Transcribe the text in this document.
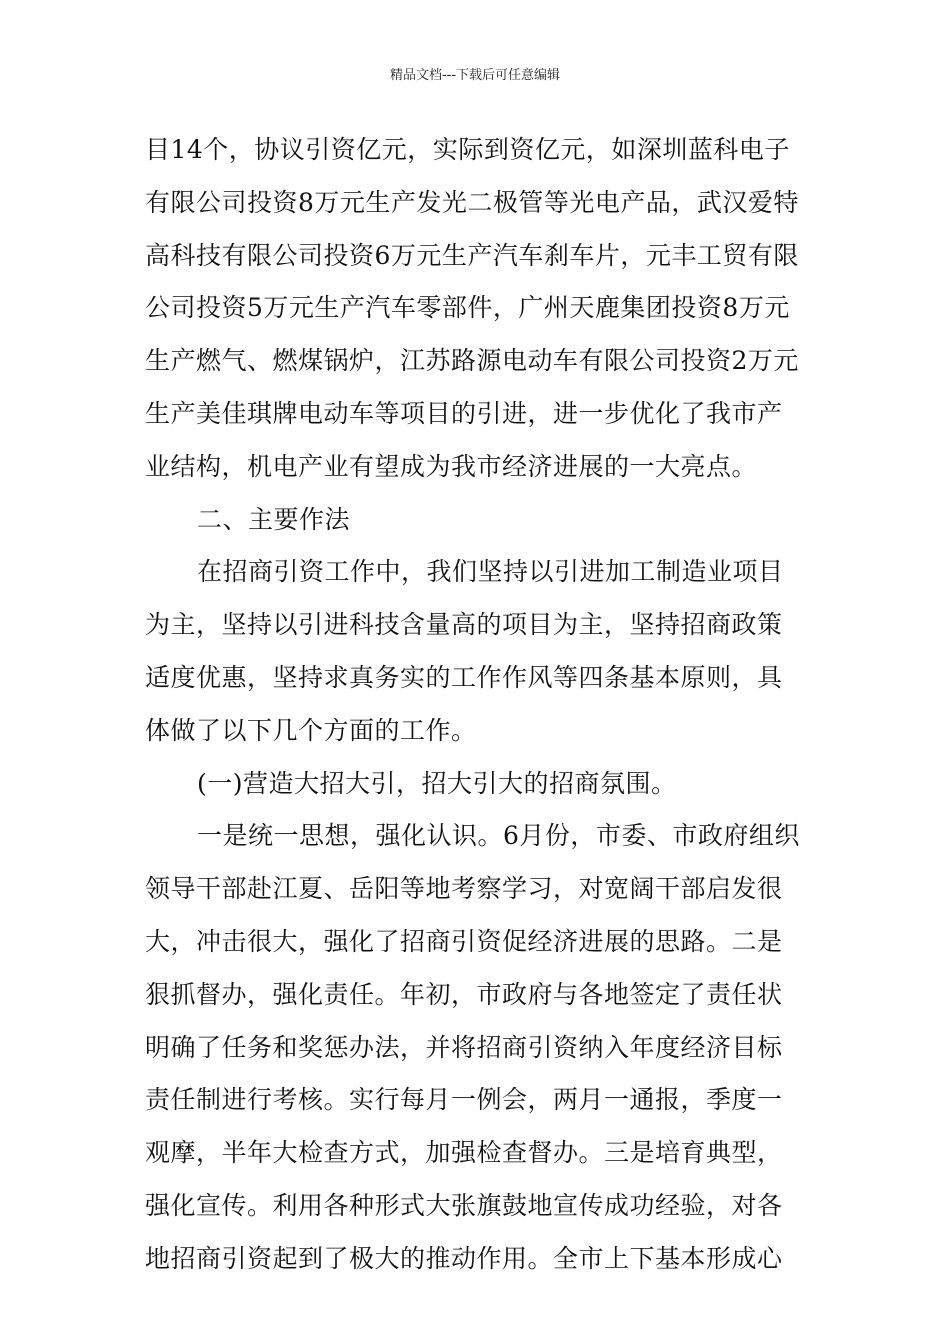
精品文档---下载后可任意编辑
目14个，协议引资亿元，实际到资亿元，如深圳蓝科电子
有限公司投资8万元生产发光二极管等光电产品，武汉爱特
高科技有限公司投资6万元生产汽车刹车片，元丰工贸有限
公司投资5万元生产汽车零部件，广州天鹿集团投资8万元
生产燃气、燃煤锅炉，江苏路源电动车有限公司投资2万元
生产美佳琪牌电动车等项目的引进，进一步优化了我市产
业结构，机电产业有望成为我市经济进展的一大亮点。
二、主要作法
在招商引资工作中，我们坚持以引进加工制造业项目
为主，坚持以引进科技含量高的项目为主，坚持招商政策
适度优惠，坚持求真务实的工作作风等四条基本原则，具
体做了以下几个方面的工作。
(一)营造大招大引，招大引大的招商氛围。
一是统一思想，强化认识。6月份，市委、市政府组织
领导干部赴江夏、岳阳等地考察学习，对宽阔干部启发很
大，冲击很大，强化了招商引资促经济进展的思路。二是
狠抓督办，强化责任。年初，市政府与各地签定了责任状
明确了任务和奖惩办法，并将招商引资纳入年度经济目标
责任制进行考核。实行每月一例会，两月一通报，季度一
观摩，半年大检查方式，加强检查督办。三是培育典型，
强化宣传。利用各种形式大张旗鼓地宣传成功经验，对各
地招商引资起到了极大的推动作用。全市上下基本形成心
